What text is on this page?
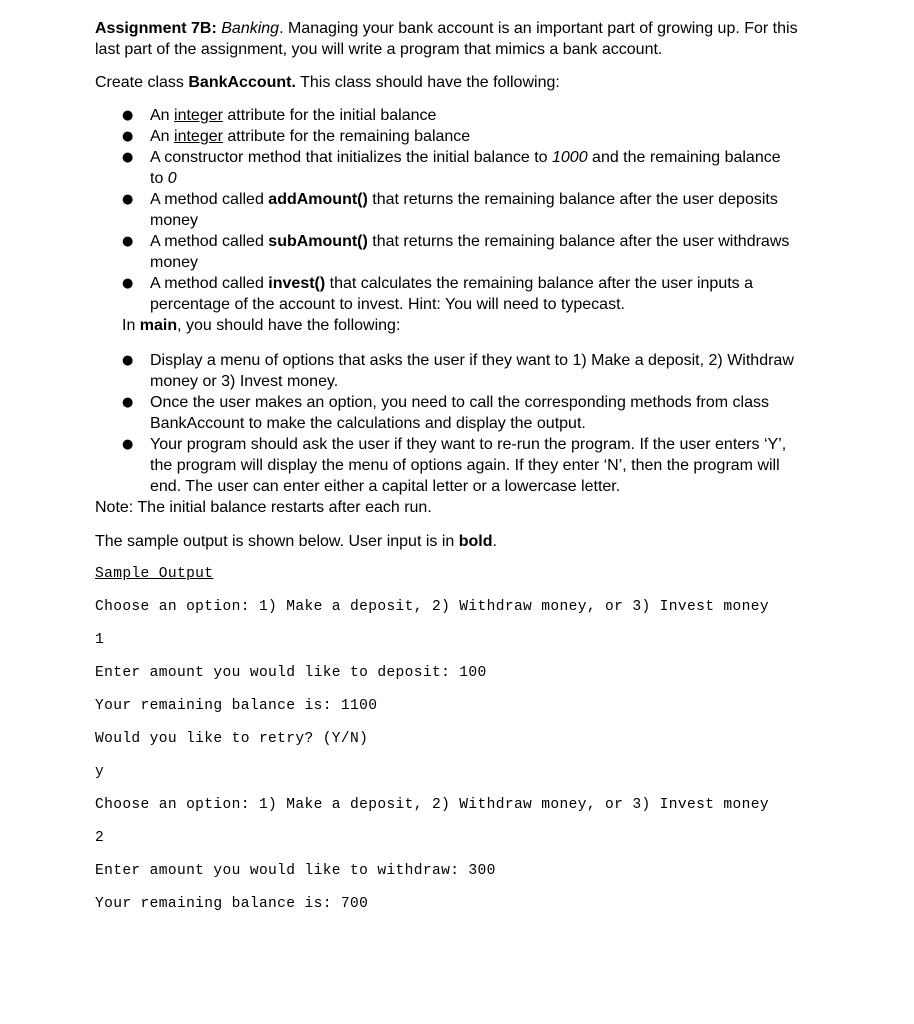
Assignment 7B: Banking. Managing your bank account is an important part of growing up. For this last part of the assignment, you will write a program that mimics a bank account.

Create class BankAccount. This class should have the following:

● An integer attribute for the initial balance
● An integer attribute for the remaining balance
● A constructor method that initializes the initial balance to 1000 and the remaining balance to 0
● A method called addAmount() that returns the remaining balance after the user deposits money
● A method called subAmount() that returns the remaining balance after the user withdraws money
● A method called invest() that calculates the remaining balance after the user inputs a percentage of the account to invest. Hint: You will need to typecast.

In main, you should have the following:

● Display a menu of options that asks the user if they want to 1) Make a deposit, 2) Withdraw money or 3) Invest money.
● Once the user makes an option, you need to call the corresponding methods from class BankAccount to make the calculations and display the output.
● Your program should ask the user if they want to re-run the program. If the user enters ‘Y’, the program will display the menu of options again. If they enter ‘N’, then the program will end. The user can enter either a capital letter or a lowercase letter.

Note: The initial balance restarts after each run.

The sample output is shown below. User input is in bold.

Sample Output

Choose an option: 1) Make a deposit, 2) Withdraw money, or 3) Invest money

1

Enter amount you would like to deposit: 100

Your remaining balance is: 1100

Would you like to retry? (Y/N)

y

Choose an option: 1) Make a deposit, 2) Withdraw money, or 3) Invest money

2

Enter amount you would like to withdraw: 300

Your remaining balance is: 700
